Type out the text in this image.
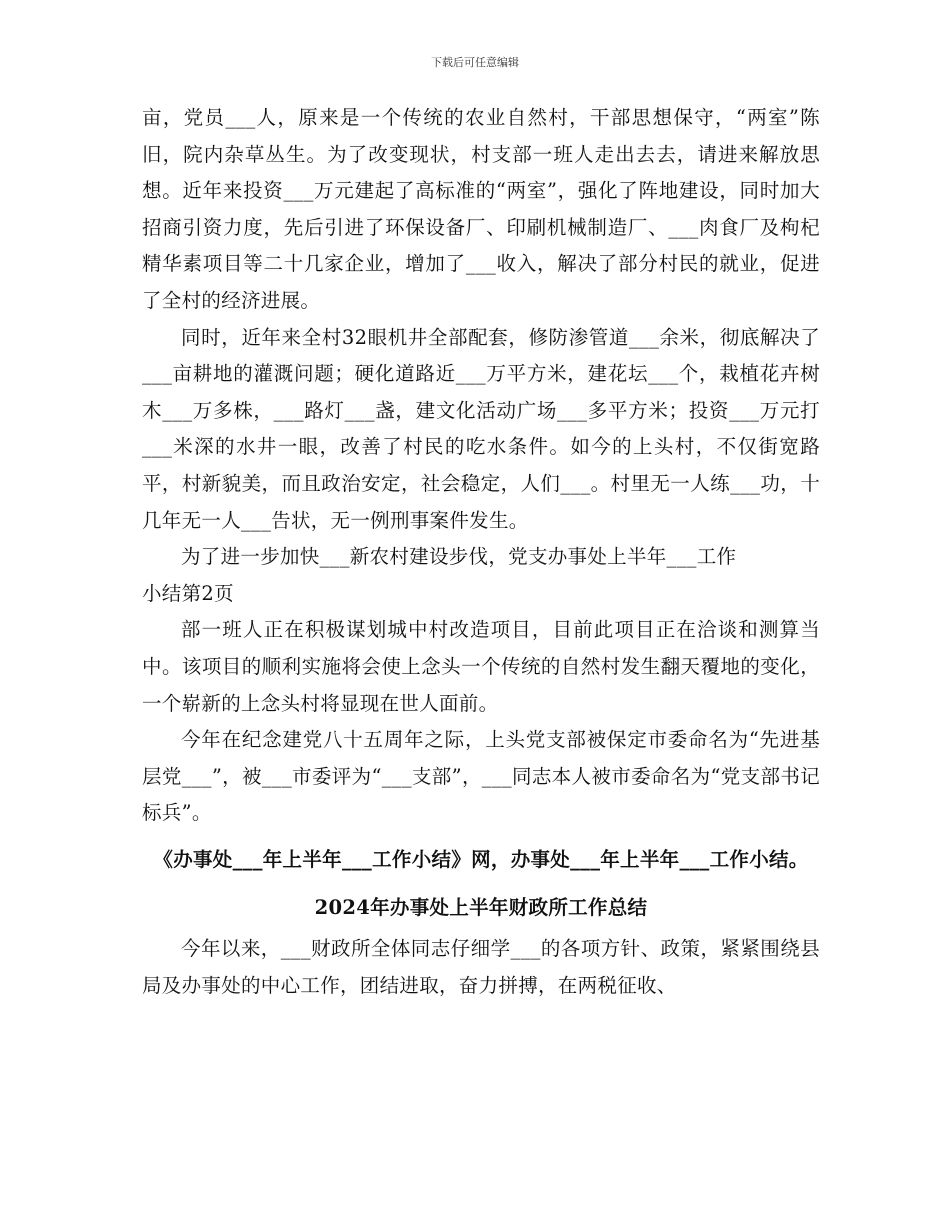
下载后可任意编辑

亩，党员___人，原来是一个传统的农业自然村，干部思想保守，“两室”陈旧，院内杂草丛生。为了改变现状，村支部一班人走出去去，请进来解放思想。近年来投资___万元建起了高标准的“两室”，强化了阵地建设，同时加大招商引资力度，先后引进了环保设备厂、印刷机械制造厂、___肉食厂及枸杞精华素项目等二十几家企业，增加了___收入，解决了部分村民的就业，促进了全村的经济进展。

同时，近年来全村32眼机井全部配套，修防渗管道___余米，彻底解决了___亩耕地的灌溉问题；硬化道路近___万平方米，建花坛___个，栽植花卉树木___万多株，___路灯___盏，建文化活动广场___多平方米；投资___万元打___米深的水井一眼，改善了村民的吃水条件。如今的上头村，不仅街宽路平，村新貌美，而且政治安定，社会稳定，人们___。村里无一人练___功，十几年无一人___告状，无一例刑事案件发生。

为了进一步加快___新农村建设步伐，党支办事处上半年___工作

小结第2页

部一班人正在积极谋划城中村改造项目，目前此项目正在洽谈和测算当中。该项目的顺利实施将会使上念头一个传统的自然村发生翻天覆地的变化，一个崭新的上念头村将显现在世人面前。

今年在纪念建党八十五周年之际，上头党支部被保定市委命名为“先进基层党___”，被___市委评为“___支部”，___同志本人被市委命名为“党支部书记标兵”。

《办事处___年上半年___工作小结》网，办事处___年上半年___工作小结。

2024年办事处上半年财政所工作总结

今年以来，___财政所全体同志仔细学___的各项方针、政策，紧紧围绕县局及办事处的中心工作，团结进取，奋力拼搏，在两税征收、
